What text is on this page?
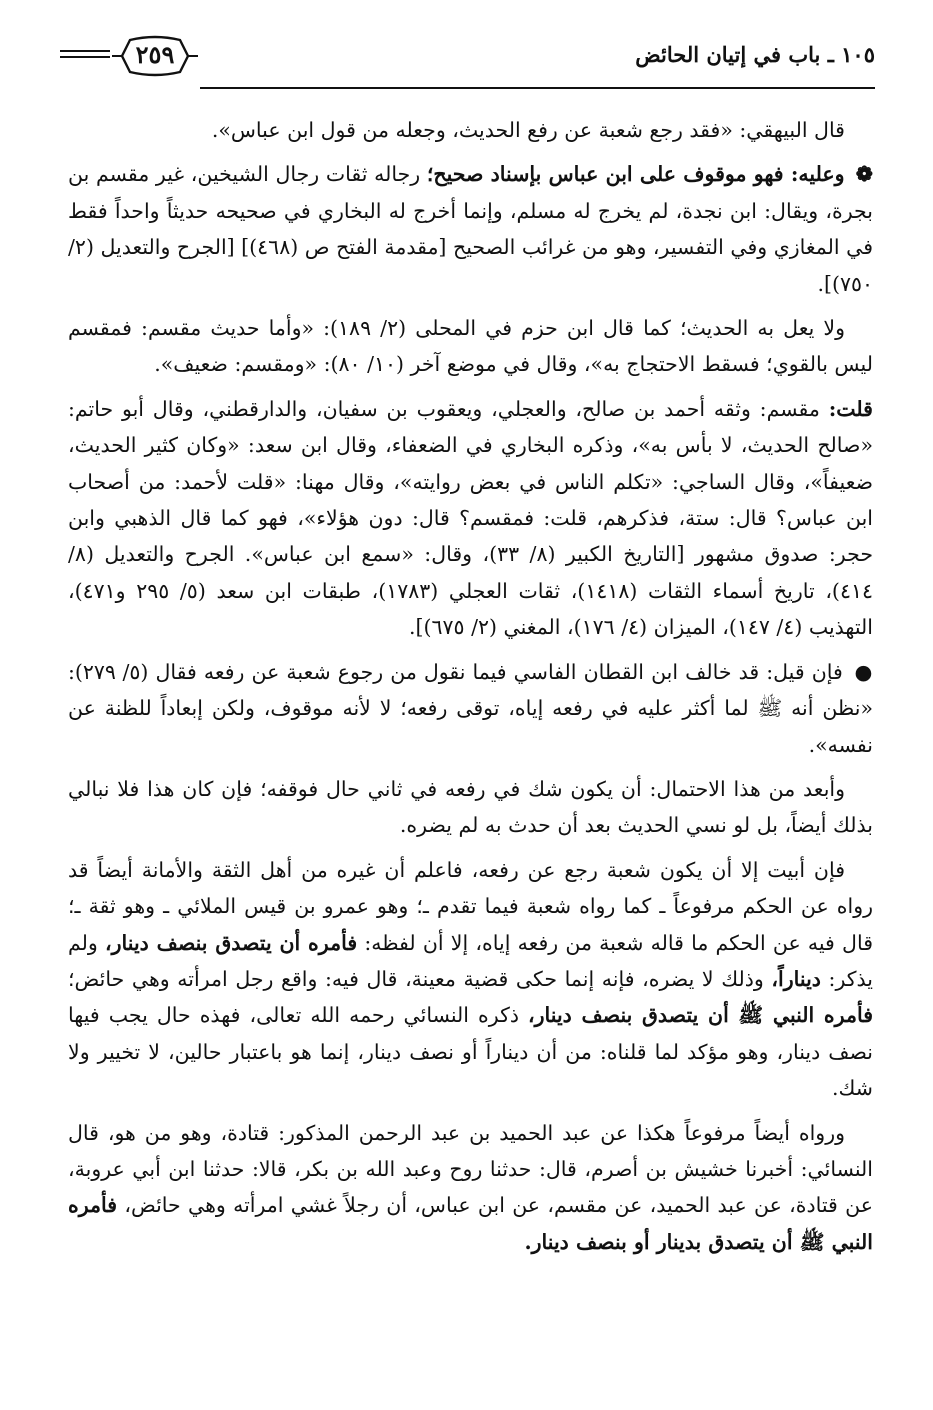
١٠٥ ـ باب في إتيان الحائض
٢٥٩

قال البيهقي: «فقد رجع شعبة عن رفع الحديث، وجعله من قول ابن عباس».

❁ وعليه: فهو موقوف على ابن عباس بإسناد صحيح؛ رجاله ثقات رجال الشيخين، غير مقسم بن بجرة، ويقال: ابن نجدة، لم يخرج له مسلم، وإنما أخرج له البخاري في صحيحه حديثاً واحداً فقط في المغازي وفي التفسير، وهو من غرائب الصحيح [مقدمة الفتح ص (٤٦٨)] [الجرح والتعديل (٢/ ٧٥٠)].

ولا يعل به الحديث؛ كما قال ابن حزم في المحلى (٢/ ١٨٩): «وأما حديث مقسم: فمقسم ليس بالقوي؛ فسقط الاحتجاج به»، وقال في موضع آخر (١٠/ ٨٠): «ومقسم: ضعيف».

قلت: مقسم: وثقه أحمد بن صالح، والعجلي، ويعقوب بن سفيان، والدارقطني، وقال أبو حاتم: «صالح الحديث، لا بأس به»، وذكره البخاري في الضعفاء، وقال ابن سعد: «وكان كثير الحديث، ضعيفاً»، وقال الساجي: «تكلم الناس في بعض روايته»، وقال مهنا: «قلت لأحمد: من أصحاب ابن عباس؟ قال: ستة، فذكرهم، قلت: فمقسم؟ قال: دون هؤلاء»، فهو كما قال الذهبي وابن حجر: صدوق مشهور [التاريخ الكبير (٨/ ٣٣)، وقال: «سمع ابن عباس». الجرح والتعديل (٨/ ٤١٤)، تاريخ أسماء الثقات (١٤١٨)، ثقات العجلي (١٧٨٣)، طبقات ابن سعد (٥/ ٢٩٥ و٤٧١)، التهذيب (٤/ ١٤٧)، الميزان (٤/ ١٧٦)، المغني (٢/ ٦٧٥)].

● فإن قيل: قد خالف ابن القطان الفاسي فيما نقول من رجوع شعبة عن رفعه فقال (٥/ ٢٧٩): «نظن أنه ﷺ لما أكثر عليه في رفعه إياه، توقى رفعه؛ لا لأنه موقوف، ولكن إبعاداً للظنة عن نفسه».

وأبعد من هذا الاحتمال: أن يكون شك في رفعه في ثاني حال فوقفه؛ فإن كان هذا فلا نبالي بذلك أيضاً، بل لو نسي الحديث بعد أن حدث به لم يضره.

فإن أبيت إلا أن يكون شعبة رجع عن رفعه، فاعلم أن غيره من أهل الثقة والأمانة أيضاً قد رواه عن الحكم مرفوعاً ـ كما رواه شعبة فيما تقدم ـ؛ وهو عمرو بن قيس الملائي ـ وهو ثقة ـ؛ قال فيه عن الحكم ما قاله شعبة من رفعه إياه، إلا أن لفظه: فأمره أن يتصدق بنصف دينار، ولم يذكر: ديناراً، وذلك لا يضره، فإنه إنما حكى قضية معينة، قال فيه: واقع رجل امرأته وهي حائض؛ فأمره النبي ﷺ أن يتصدق بنصف دينار، ذكره النسائي رحمه الله تعالى، فهذه حال يجب فيها نصف دينار، وهو مؤكد لما قلناه: من أن ديناراً أو نصف دينار، إنما هو باعتبار حالين، لا تخيير ولا شك.

ورواه أيضاً مرفوعاً هكذا عن عبد الحميد بن عبد الرحمن المذكور: قتادة، وهو من هو، قال النسائي: أخبرنا خشيش بن أصرم، قال: حدثنا روح وعبد الله بن بكر، قالا: حدثنا ابن أبي عروبة، عن قتادة، عن عبد الحميد، عن مقسم، عن ابن عباس، أن رجلاً غشي امرأته وهي حائض، فأمره النبي ﷺ أن يتصدق بدينار أو بنصف دينار.
